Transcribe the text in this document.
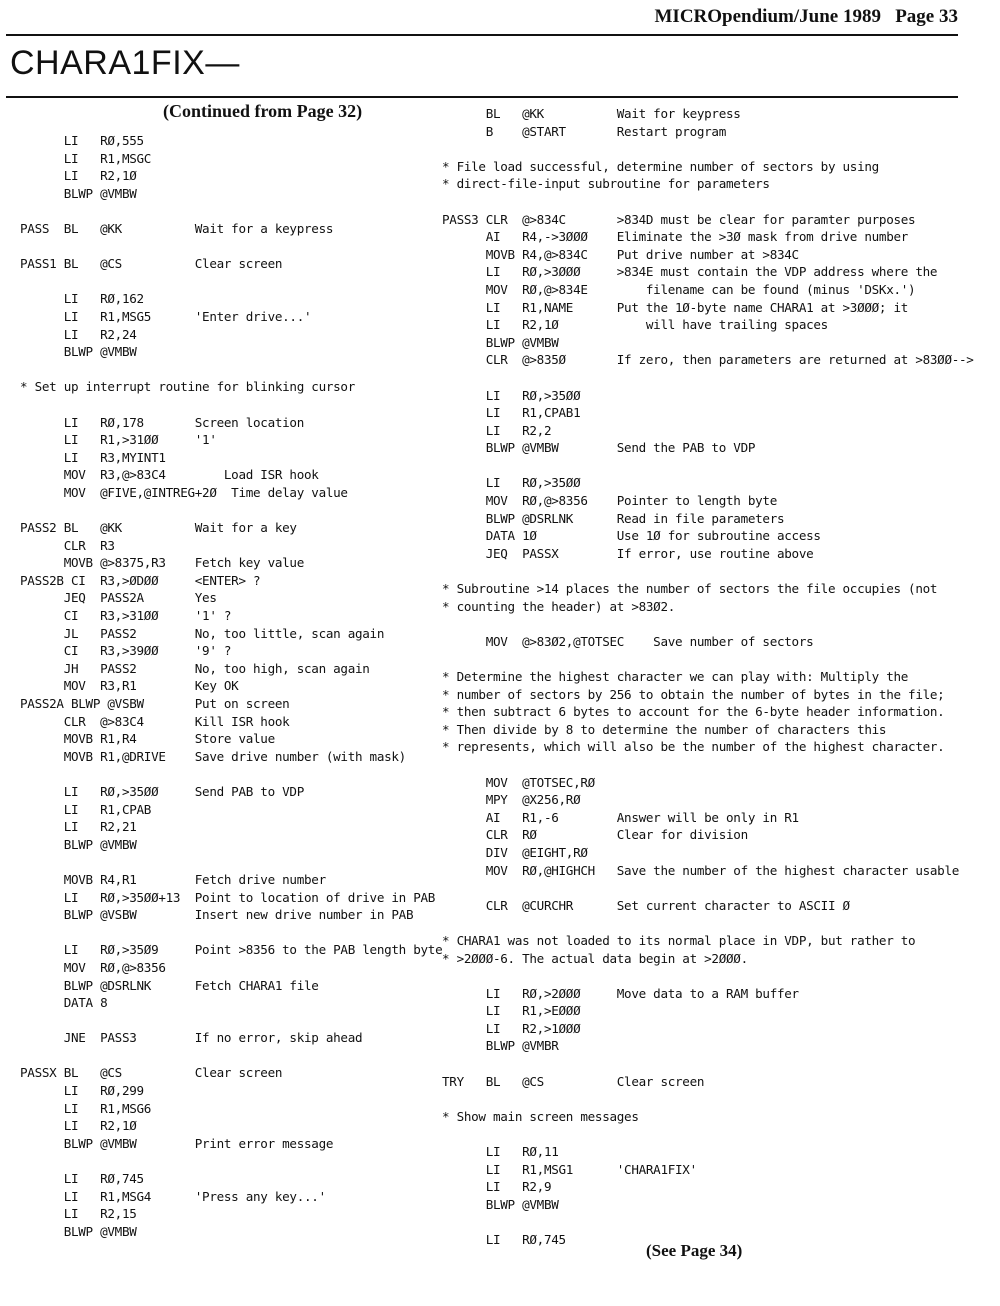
MICROpendium/June 1989   Page 33
CHARA1FIX—
(Continued from Page 32)
LI   RØ,555
LI   R1,MSGC
LI   R2,1Ø
BLWP @VMBW

PASS  BL   @KK          Wait for a keypress

PASS1 BL   @CS          Clear screen

LI   RØ,162
LI   R1,MSG5      'Enter drive...'
LI   R2,24
BLWP @VMBW

* Set up interrupt routine for blinking cursor

LI   RØ,178       Screen location
LI   R1,>31ØØ     '1'
LI   R3,MYINT1
MOV  R3,@>83C4        Load ISR hook
MOV  @FIVE,@INTREG+2Ø  Time delay value

PASS2 BL   @KK          Wait for a key
CLR  R3
MOVB @>8375,R3    Fetch key value
PASS2B CI  R3,>ØDØØ     <ENTER> ?
JEQ  PASS2A       Yes
CI   R3,>31ØØ     '1' ?
JL   PASS2        No, too little, scan again
CI   R3,>39ØØ     '9' ?
JH   PASS2        No, too high, scan again
MOV  R3,R1        Key OK
PASS2A BLWP @VSBW       Put on screen
CLR  @>83C4       Kill ISR hook
MOVB R1,R4        Store value
MOVB R1,@DRIVE    Save drive number (with mask)

LI   RØ,>35ØØ     Send PAB to VDP
LI   R1,CPAB
LI   R2,21
BLWP @VMBW

MOVB R4,R1        Fetch drive number
LI   RØ,>35ØØ+13  Point to location of drive in PAB
BLWP @VSBW        Insert new drive number in PAB

LI   RØ,>35Ø9     Point >8356 to the PAB length byte
MOV  RØ,@>8356
BLWP @DSRLNK      Fetch CHARA1 file
DATA 8

JNE  PASS3        If no error, skip ahead

PASSX BL   @CS          Clear screen
LI   RØ,299
LI   R1,MSG6
LI   R2,1Ø
BLWP @VMBW        Print error message

LI   RØ,745
LI   R1,MSG4      'Press any key...'
LI   R2,15
BLWP @VMBW
BL   @KK          Wait for keypress
B    @START       Restart program

* File load successful, determine number of sectors by using
* direct-file-input subroutine for parameters

PASS3 CLR  @>834C       >834D must be clear for paramter purposes
AI   R4,->3ØØØ    Eliminate the >3Ø mask from drive number
MOVB R4,@>834C    Put drive number at >834C
LI   RØ,>3ØØØ     >834E must contain the VDP address where the
MOV  RØ,@>834E        filename can be found (minus 'DSKx.')
LI   R1,NAME      Put the 1Ø-byte name CHARA1 at >3ØØØ; it
LI   R2,1Ø            will have trailing spaces
BLWP @VMBW
CLR  @>835Ø       If zero, then parameters are returned at >83ØØ-->

LI   RØ,>35ØØ
LI   R1,CPAB1
LI   R2,2
BLWP @VMBW        Send the PAB to VDP

LI   RØ,>35ØØ
MOV  RØ,@>8356    Pointer to length byte
BLWP @DSRLNK      Read in file parameters
DATA 1Ø           Use 1Ø for subroutine access
JEQ  PASSX        If error, use routine above

* Subroutine >14 places the number of sectors the file occupies (not
* counting the header) at >83Ø2.

MOV  @>83Ø2,@TOTSEC    Save number of sectors

* Determine the highest character we can play with: Multiply the
* number of sectors by 256 to obtain the number of bytes in the file;
* then subtract 6 bytes to account for the 6-byte header information.
* Then divide by 8 to determine the number of characters this
* represents, which will also be the number of the highest character.

MOV  @TOTSEC,RØ
MPY  @X256,RØ
AI   R1,-6        Answer will be only in R1
CLR  RØ           Clear for division
DIV  @EIGHT,RØ
MOV  RØ,@HIGHCH   Save the number of the highest character usable

CLR  @CURCHR      Set current character to ASCII Ø

* CHARA1 was not loaded to its normal place in VDP, but rather to
* >2ØØØ-6. The actual data begin at >2ØØØ.

LI   RØ,>2ØØØ     Move data to a RAM buffer
LI   R1,>EØØØ
LI   R2,>1ØØØ
BLWP @VMBR

TRY   BL   @CS          Clear screen

* Show main screen messages

LI   RØ,11
LI   R1,MSG1      'CHARA1FIX'
LI   R2,9
BLWP @VMBW

LI   RØ,745
(See Page 34)
